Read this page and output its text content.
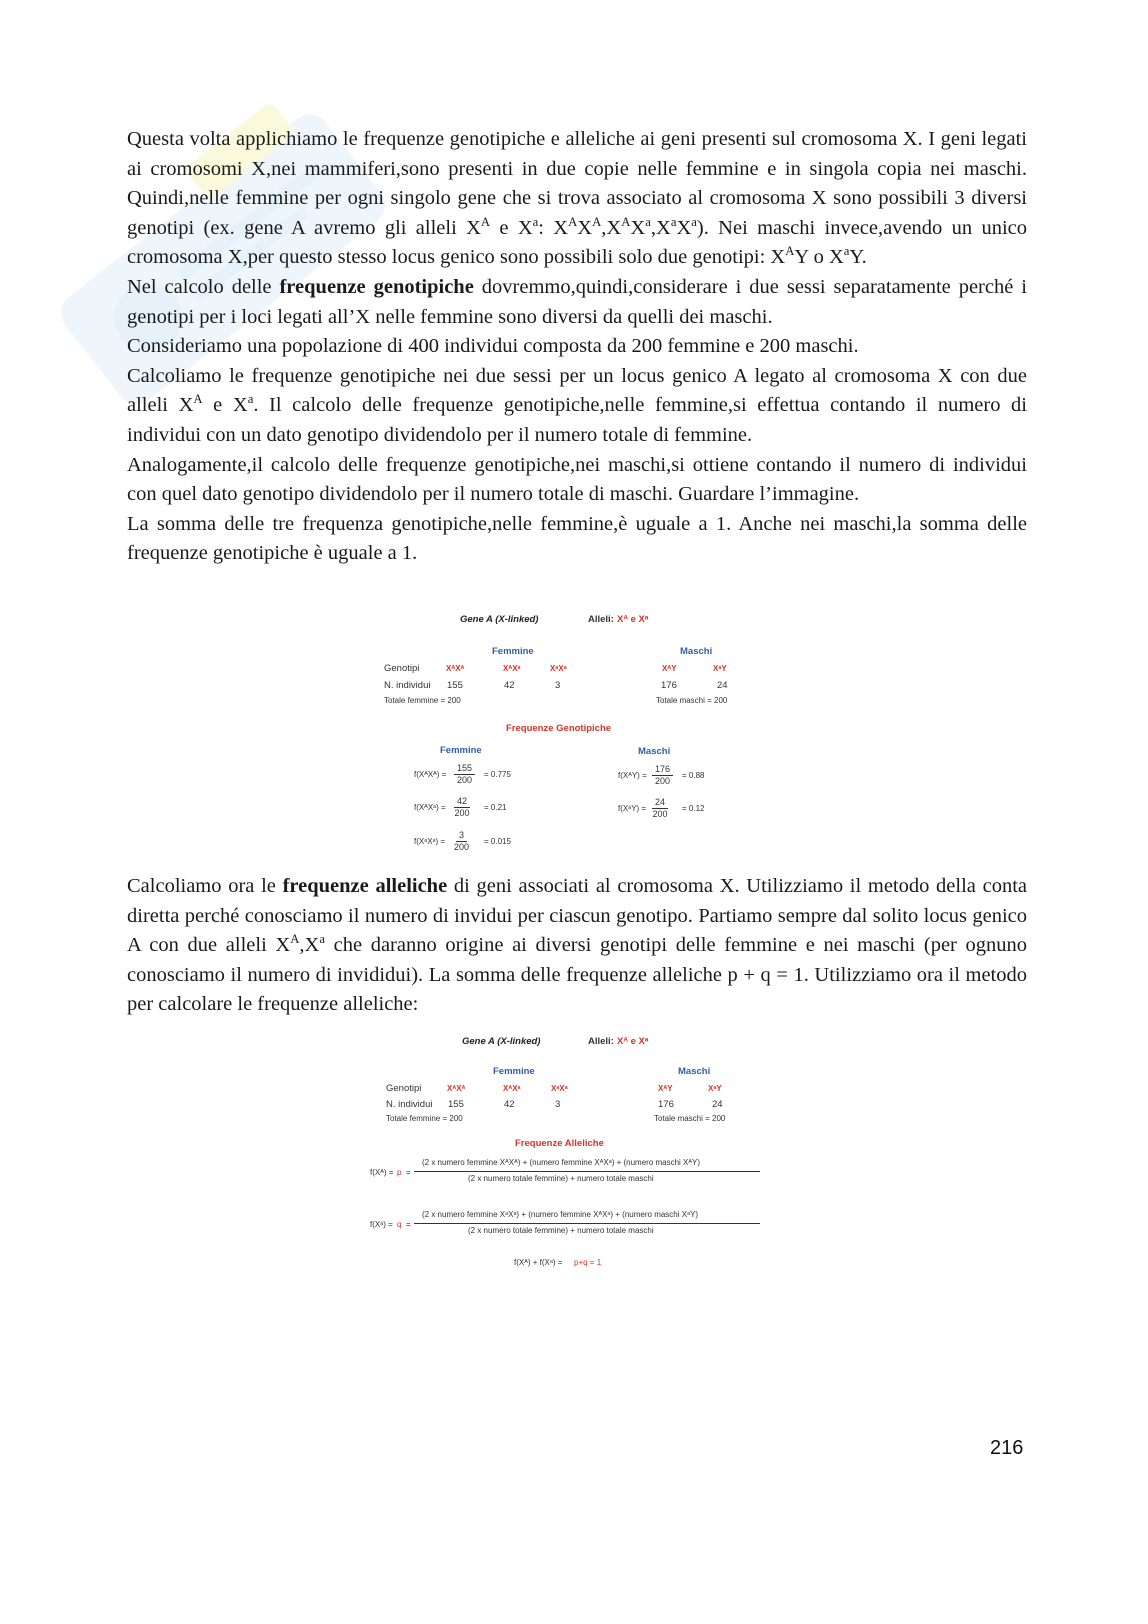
Questa volta applichiamo le frequenze genotipiche e alleliche ai geni presenti sul cromosoma X. I geni legati ai cromosomi X,nei mammiferi,sono presenti in due copie nelle femmine e in singola copia nei maschi. Quindi,nelle femmine per ogni singolo gene che si trova associato al cromosoma X sono possibili 3 diversi genotipi (ex. gene A avremo gli alleli $X^A$ e $X^a$: $X^AX^A,X^AX^a,X^aX^a$). Nei maschi invece,avendo un unico cromosoma X,per questo stesso locus genico sono possibili solo due genotipi: $X^AY$ o $X^aY$.

Nel calcolo delle frequenze genotipiche dovremmo,quindi,considerare i due sessi separatamente perché i genotipi per i loci legati all’X nelle femmine sono diversi da quelli dei maschi.

Consideriamo una popolazione di 400 individui composta da 200 femmine e 200 maschi.

Calcoliamo le frequenze genotipiche nei due sessi per un locus genico A legato al cromosoma X con due alleli $X^A$ e $X^a$. Il calcolo delle frequenze genotipiche,nelle femmine,si effettua contando il numero di individui con un dato genotipo dividendolo per il numero totale di femmine.

Analogamente,il calcolo delle frequenze genotipiche,nei maschi,si ottiene contando il numero di individui con quel dato genotipo dividendolo per il numero totale di maschi. Guardare l’immagine.

La somma delle tre frequenza genotipiche,nelle femmine,è uguale a 1. Anche nei maschi,la somma delle frequenze genotipiche è uguale a 1.

Gene A (X-linked)	Alleli: Xᴬ e Xᵃ
Femmine	Maschi
Genotipi	XᴬXᴬ	XᴬXᵃ	XᵃXᵃ	XᴬY	XᵃY
N. individui 155	42	3	176	24
Totale femmine = 200	Totale maschi = 200
Frequenze Genotipiche
Femmine	Maschi
f(XᴬXᴬ) = $\frac{155}{200} = 0.775$
f(XᴬXᵃ) = $\frac{42}{200} = 0.21$
f(XᵃXᵃ) = $\frac{3}{200} = 0.015$
f(XᴬY) = $\frac{176}{200} = 0.88$
f(XᵃY) = $\frac{24}{200} = 0.12$

Calcoliamo ora le frequenze alleliche di geni associati al cromosoma X. Utilizziamo il metodo della conta diretta perché conosciamo il numero di invidui per ciascun genotipo. Partiamo sempre dal solito locus genico A con due alleli $X^A,X^a$ che daranno origine ai diversi genotipi delle femmine e nei maschi (per ognuno conosciamo il numero di invididui). La somma delle frequenze alleliche p + q = 1. Utilizziamo ora il metodo per calcolare le frequenze alleliche:

Gene A (X-linked)	Alleli: Xᴬ e Xᵃ
Femmine	Maschi
Genotipi	XᴬXᴬ	XᴬXᵃ	XᵃXᵃ	XᴬY	XᵃY
N. individui 155	42	3	176	24
Totale femmine = 200	Totale maschi = 200
Frequenze Alleliche
f(Xᴬ) = p =
(2 x numero femmine XᴬXᴬ) + (numero femmine XᴬXᵃ) + (numero maschi XᴬY)
(2 x numero totale femmine) + numero totale maschi
f(Xᵃ) = q =
(2 x numero femmine XᵃXᵃ) + (numero femmine XᴬXᵃ) + (numero maschi XᵃY)
(2 x numero totale femmine) + numero totale maschi
f(Xᴬ) + f(Xᵃ) = p+q = 1
216
